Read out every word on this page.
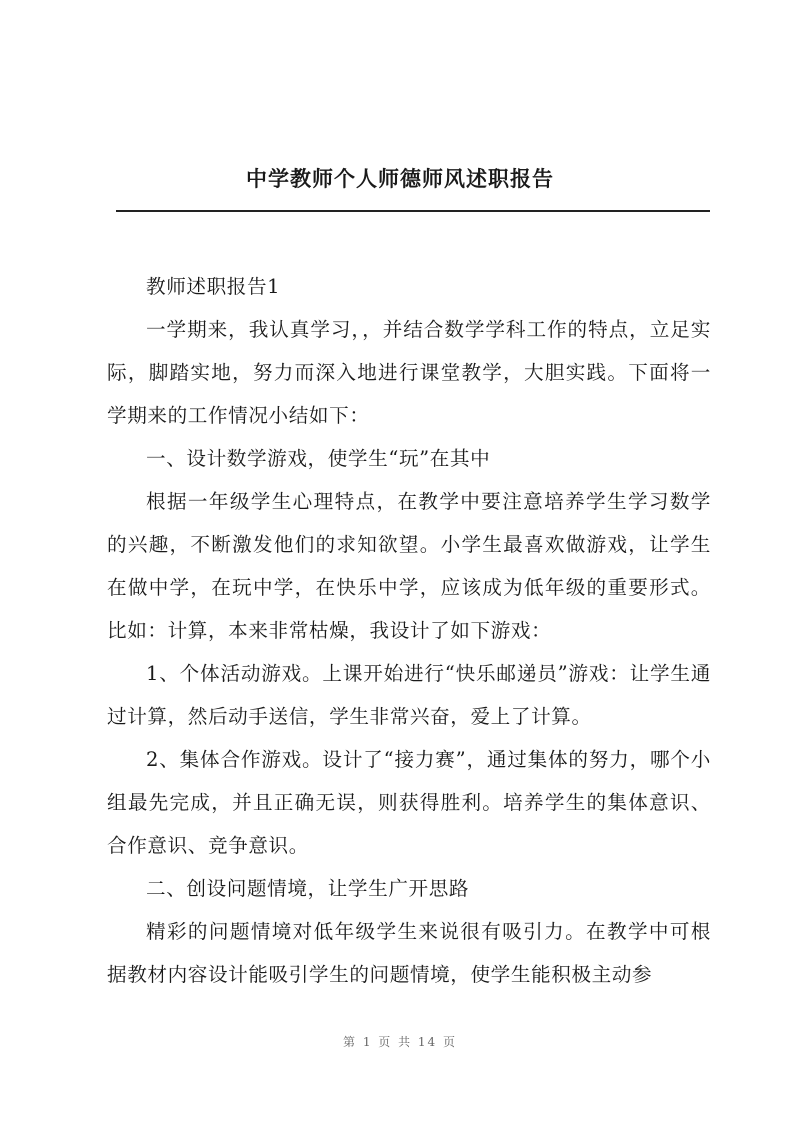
中学教师个人师德师风述职报告

教师述职报告1

一学期来，我认真学习，，并结合数学学科工作的特点，立足实际，脚踏实地，努力而深入地进行课堂教学，大胆实践。下面将一学期来的工作情况小结如下：

一、设计数学游戏，使学生“玩”在其中

根据一年级学生心理特点，在教学中要注意培养学生学习数学的兴趣，不断激发他们的求知欲望。小学生最喜欢做游戏，让学生在做中学，在玩中学，在快乐中学，应该成为低年级的重要形式。比如：计算，本来非常枯燥，我设计了如下游戏：

1、个体活动游戏。上课开始进行“快乐邮递员”游戏：让学生通过计算，然后动手送信，学生非常兴奋，爱上了计算。

2、集体合作游戏。设计了“接力赛”，通过集体的努力，哪个小组最先完成，并且正确无误，则获得胜利。培养学生的集体意识、合作意识、竞争意识。

二、创设问题情境，让学生广开思路

精彩的问题情境对低年级学生来说很有吸引力。在教学中可根据教材内容设计能吸引学生的问题情境，使学生能积极主动参

第 1 页 共 14 页
